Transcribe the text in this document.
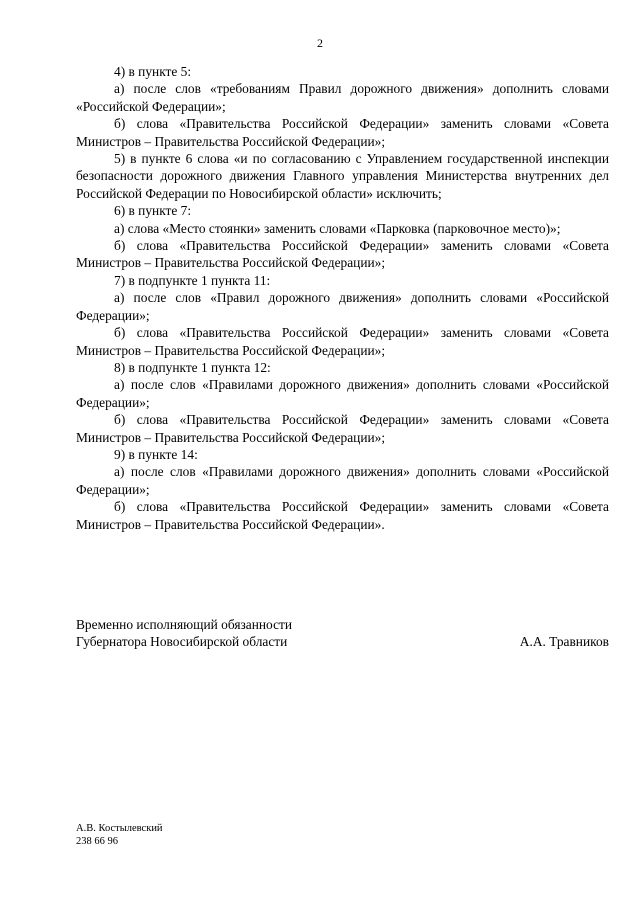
2

4) в пункте 5:

а) после слов «требованиям Правил дорожного движения» дополнить словами «Российской Федерации»;

б) слова «Правительства Российской Федерации» заменить словами «Совета Министров – Правительства Российской Федерации»;

5) в пункте 6 слова «и по согласованию с Управлением государственной инспекции безопасности дорожного движения Главного управления Министерства внутренних дел Российской Федерации по Новосибирской области» исключить;

6) в пункте 7:

а) слова «Место стоянки» заменить словами «Парковка (парковочное место)»;

б) слова «Правительства Российской Федерации» заменить словами «Совета Министров – Правительства Российской Федерации»;

7) в подпункте 1 пункта 11:

а) после слов «Правил дорожного движения» дополнить словами «Российской Федерации»;

б) слова «Правительства Российской Федерации» заменить словами «Совета Министров – Правительства Российской Федерации»;

8) в подпункте 1 пункта 12:

а) после слов «Правилами дорожного движения» дополнить словами «Российской Федерации»;

б) слова «Правительства Российской Федерации» заменить словами «Совета Министров – Правительства Российской Федерации»;

9) в пункте 14:

а) после слов «Правилами дорожного движения» дополнить словами «Российской Федерации»;

б) слова «Правительства Российской Федерации» заменить словами «Совета Министров – Правительства Российской Федерации».

Временно исполняющий обязанности
Губернатора Новосибирской области	А.А. Травников
А.В. Костылевский
238 66 96
